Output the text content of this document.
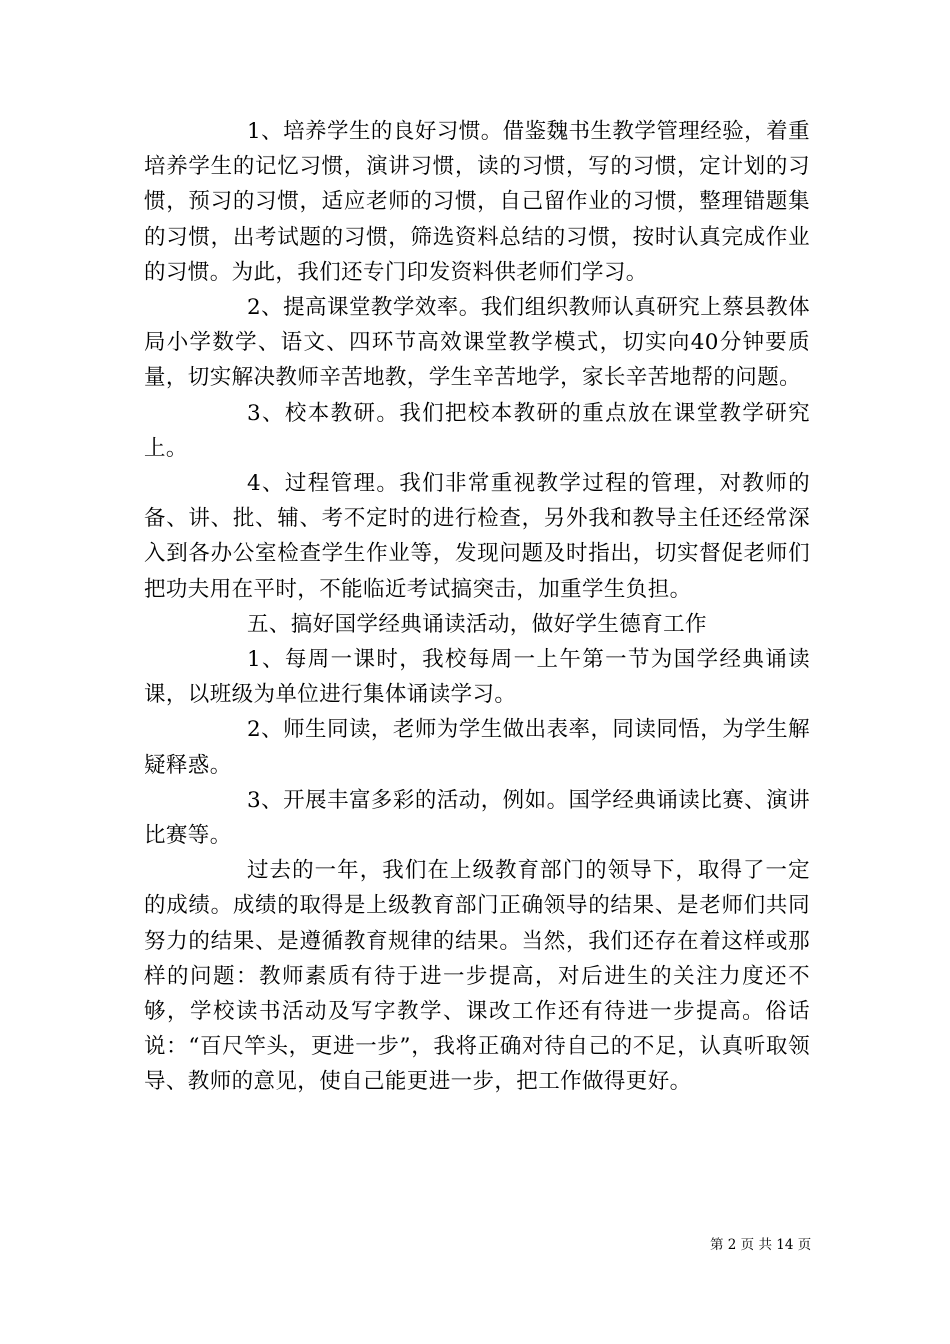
1、培养学生的良好习惯。借鉴魏书生教学管理经验，着重培养学生的记忆习惯，演讲习惯，读的习惯，写的习惯，定计划的习惯，预习的习惯，适应老师的习惯，自己留作业的习惯，整理错题集的习惯，出考试题的习惯，筛选资料总结的习惯，按时认真完成作业的习惯。为此，我们还专门印发资料供老师们学习。

2、提高课堂教学效率。我们组织教师认真研究上蔡县教体局小学数学、语文、四环节高效课堂教学模式，切实向40分钟要质量，切实解决教师辛苦地教，学生辛苦地学，家长辛苦地帮的问题。

3、校本教研。我们把校本教研的重点放在课堂教学研究上。

4、过程管理。我们非常重视教学过程的管理，对教师的备、讲、批、辅、考不定时的进行检查，另外我和教导主任还经常深入到各办公室检查学生作业等，发现问题及时指出，切实督促老师们把功夫用在平时，不能临近考试搞突击，加重学生负担。

五、搞好国学经典诵读活动，做好学生德育工作

1、每周一课时，我校每周一上午第一节为国学经典诵读课，以班级为单位进行集体诵读学习。

2、师生同读，老师为学生做出表率，同读同悟，为学生解疑释惑。

3、开展丰富多彩的活动，例如。国学经典诵读比赛、演讲比赛等。

过去的一年，我们在上级教育部门的领导下，取得了一定的成绩。成绩的取得是上级教育部门正确领导的结果、是老师们共同努力的结果、是遵循教育规律的结果。当然，我们还存在着这样或那样的问题：教师素质有待于进一步提高，对后进生的关注力度还不够，学校读书活动及写字教学、课改工作还有待进一步提高。俗话说：“百尺竿头，更进一步”，我将正确对待自己的不足，认真听取领导、教师的意见，使自己能更进一步，把工作做得更好。

第 2 页 共 14 页
